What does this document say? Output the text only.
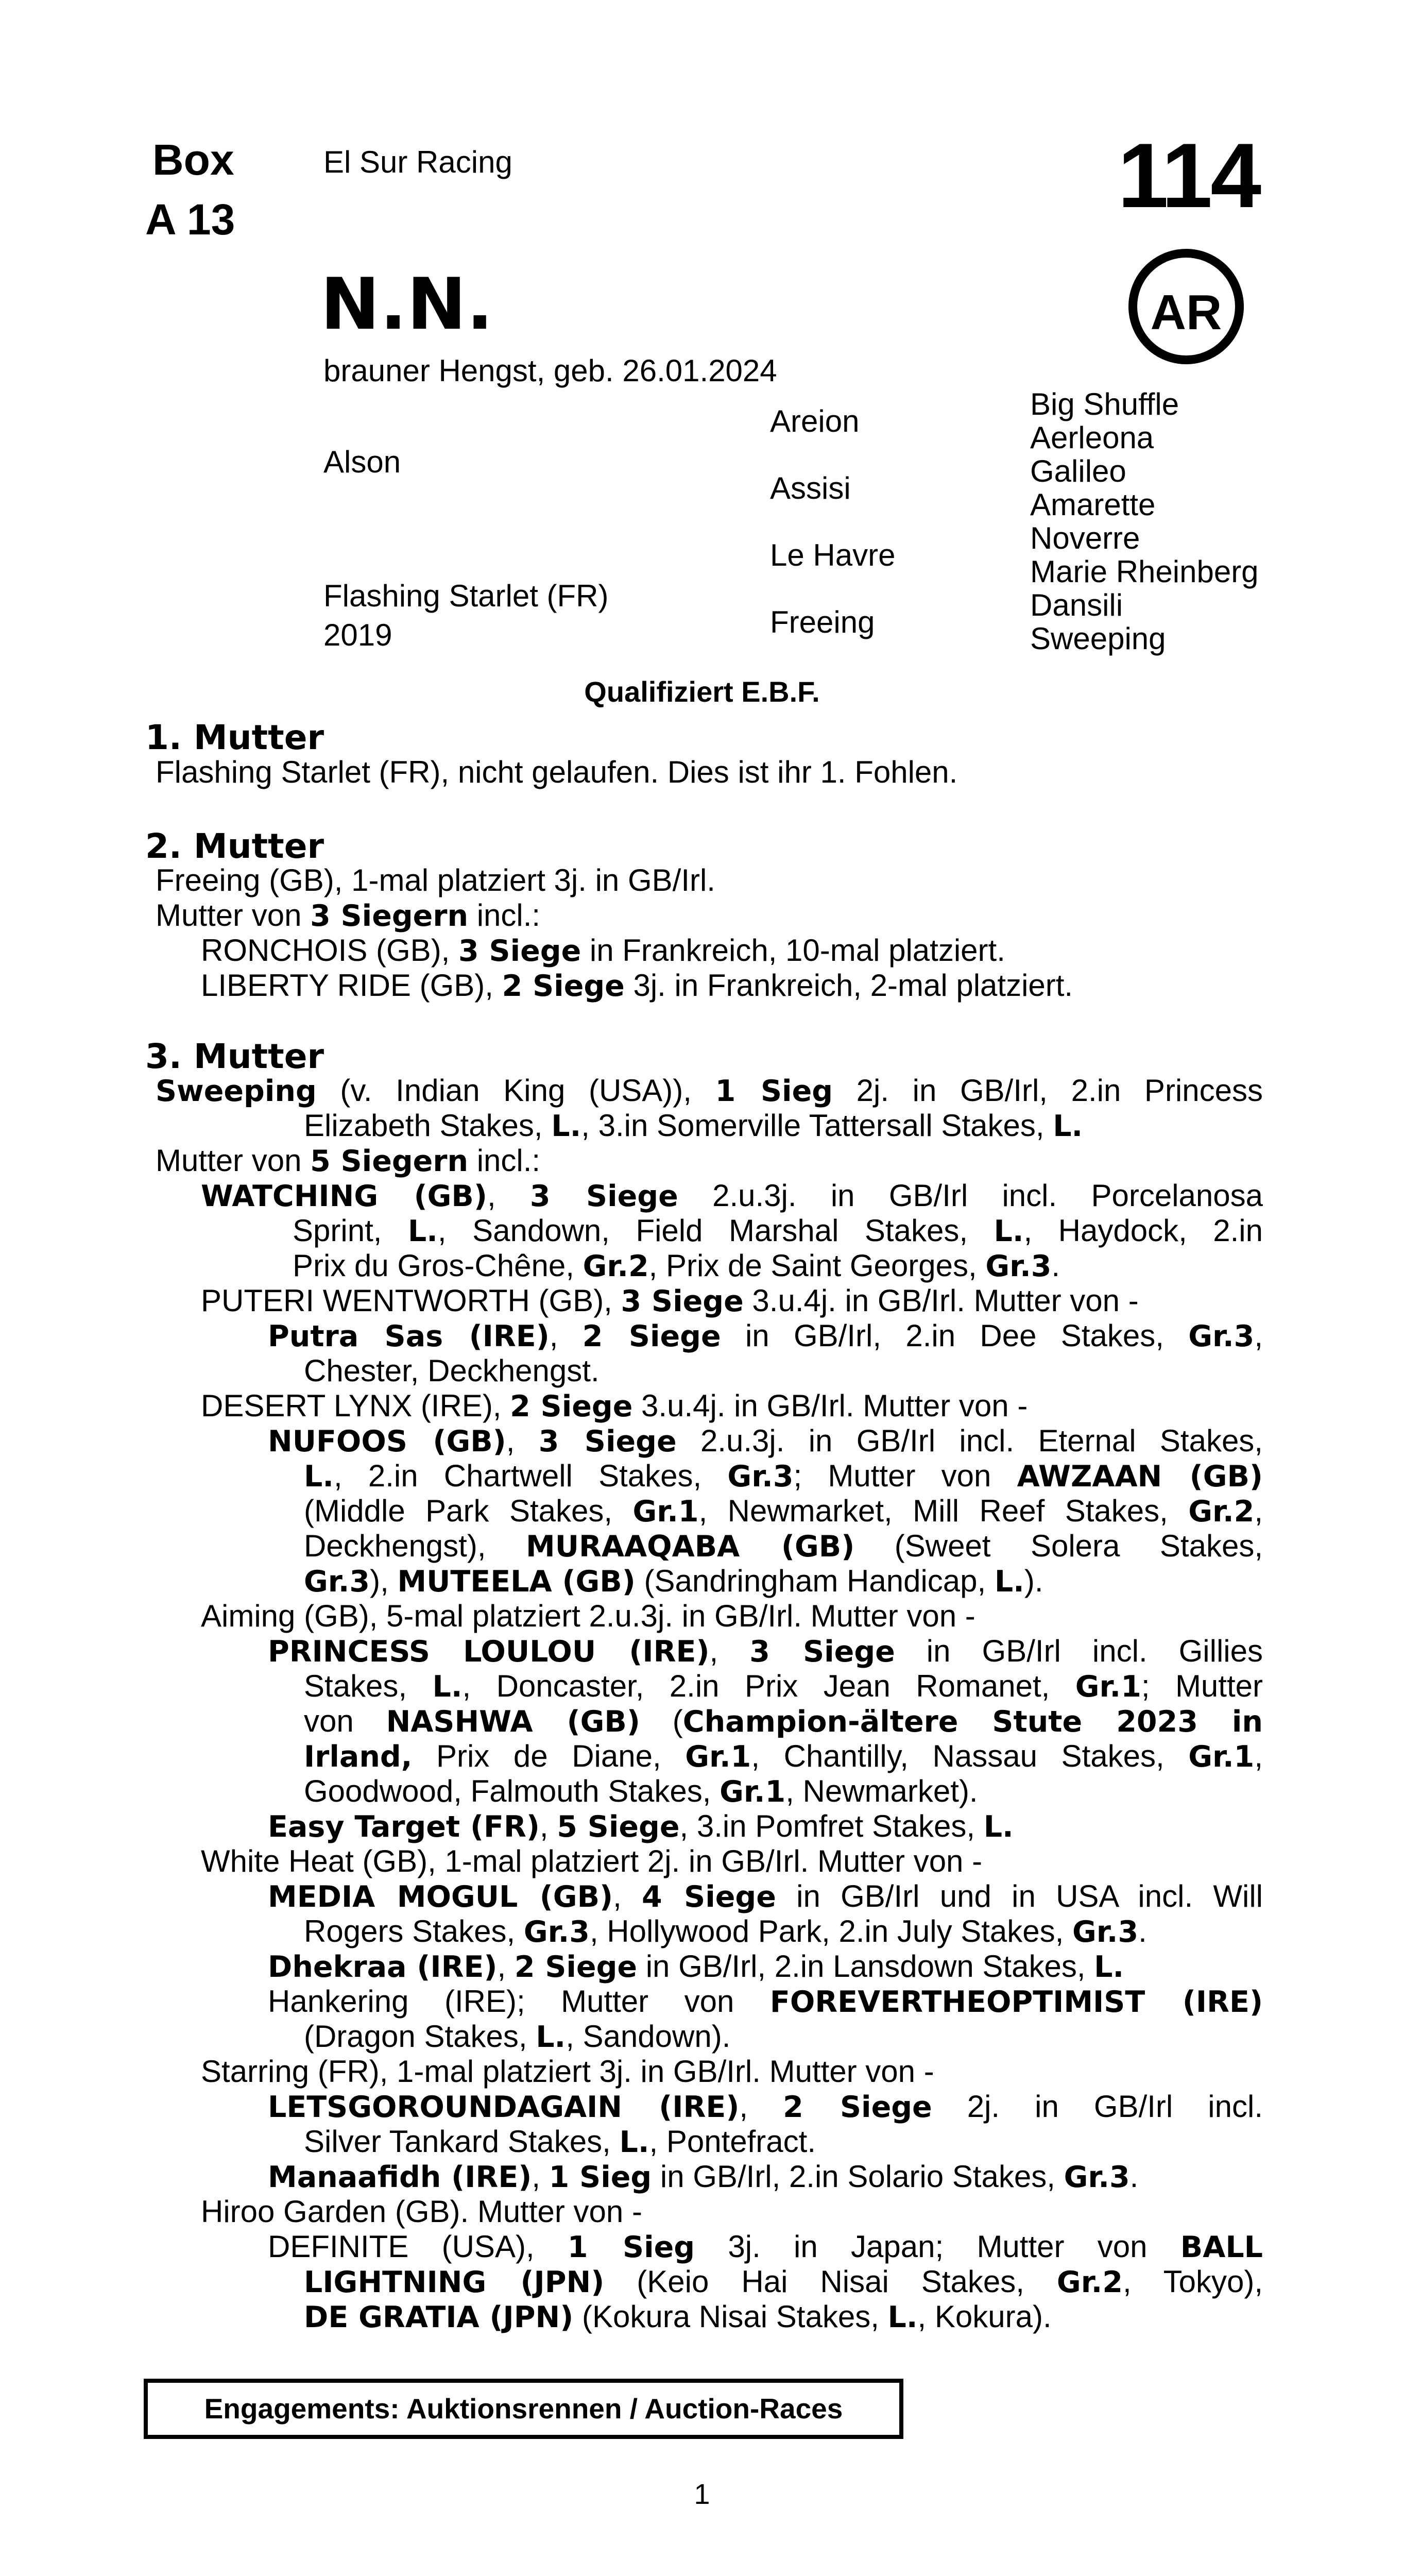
Box
A 13
El Sur Racing	114
AR
N.N.
brauner Hengst, geb. 26.01.2024
Alson
Flashing Starlet (FR)
2019
Areion
Assisi
Le Havre
Freeing
Big Shuffle
Aerleona
Galileo
Amarette
Noverre
Marie Rheinberg
Dansili
Sweeping
Qualifiziert E.B.F.
1. Mutter
Flashing Starlet (FR), nicht gelaufen. Dies ist ihr 1. Fohlen.
2. Mutter
Freeing (GB), 1-mal platziert 3j. in GB/Irl.
Mutter von 3 Siegern incl.:
RONCHOIS (GB), 3 Siege in Frankreich, 10-mal platziert.
LIBERTY RIDE (GB), 2 Siege 3j. in Frankreich, 2-mal platziert.
3. Mutter
Sweeping (v. Indian King (USA)), 1 Sieg 2j. in GB/Irl, 2.in Princess
Elizabeth Stakes, L., 3.in Somerville Tattersall Stakes, L.
Mutter von 5 Siegern incl.:
WATCHING (GB), 3 Siege 2.u.3j. in GB/Irl incl. Porcelanosa
Sprint, L., Sandown, Field Marshal Stakes, L., Haydock, 2.in
Prix du Gros-Chêne, Gr.2, Prix de Saint Georges, Gr.3.
PUTERI WENTWORTH (GB), 3 Siege 3.u.4j. in GB/Irl. Mutter von -
Putra Sas (IRE), 2 Siege in GB/Irl, 2.in Dee Stakes, Gr.3,
Chester, Deckhengst.
DESERT LYNX (IRE), 2 Siege 3.u.4j. in GB/Irl. Mutter von -
NUFOOS (GB), 3 Siege 2.u.3j. in GB/Irl incl. Eternal Stakes,
L., 2.in Chartwell Stakes, Gr.3; Mutter von AWZAAN (GB)
(Middle Park Stakes, Gr.1, Newmarket, Mill Reef Stakes, Gr.2,
Deckhengst), MURAAQABA (GB) (Sweet Solera Stakes,
Gr.3), MUTEELA (GB) (Sandringham Handicap, L.).
Aiming (GB), 5-mal platziert 2.u.3j. in GB/Irl. Mutter von -
PRINCESS LOULOU (IRE), 3 Siege in GB/Irl incl. Gillies
Stakes, L., Doncaster, 2.in Prix Jean Romanet, Gr.1; Mutter
von NASHWA (GB) (Champion-ältere Stute 2023 in
Irland, Prix de Diane, Gr.1, Chantilly, Nassau Stakes, Gr.1,
Goodwood, Falmouth Stakes, Gr.1, Newmarket).
Easy Target (FR), 5 Siege, 3.in Pomfret Stakes, L.
White Heat (GB), 1-mal platziert 2j. in GB/Irl. Mutter von -
MEDIA MOGUL (GB), 4 Siege in GB/Irl und in USA incl. Will
Rogers Stakes, Gr.3, Hollywood Park, 2.in July Stakes, Gr.3.
Dhekraa (IRE), 2 Siege in GB/Irl, 2.in Lansdown Stakes, L.
Hankering (IRE); Mutter von FOREVERTHEOPTIMIST (IRE)
(Dragon Stakes, L., Sandown).
Starring (FR), 1-mal platziert 3j. in GB/Irl. Mutter von -
LETSGOROUNDAGAIN (IRE), 2 Siege 2j. in GB/Irl incl.
Silver Tankard Stakes, L., Pontefract.
Manaafidh (IRE), 1 Sieg in GB/Irl, 2.in Solario Stakes, Gr.3.
Hiroo Garden (GB). Mutter von -
DEFINITE (USA), 1 Sieg 3j. in Japan; Mutter von BALL
LIGHTNING (JPN) (Keio Hai Nisai Stakes, Gr.2, Tokyo),
DE GRATIA (JPN) (Kokura Nisai Stakes, L., Kokura).
Engagements: Auktionsrennen / Auction-Races
1
